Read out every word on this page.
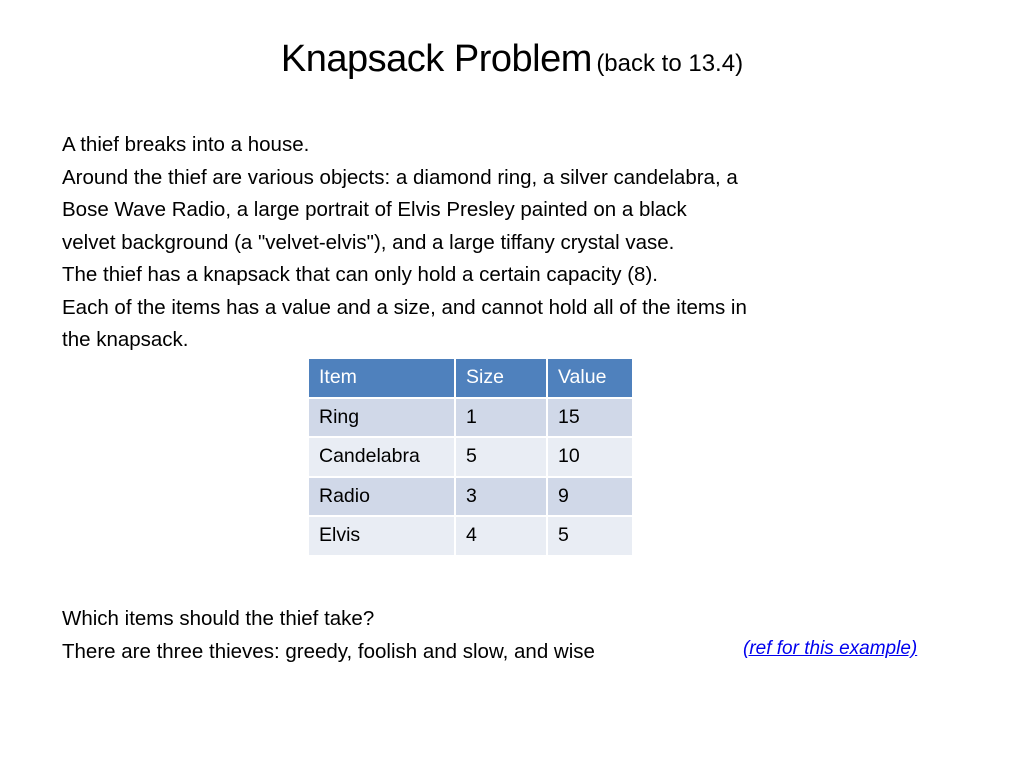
Knapsack Problem (back to 13.4)
A thief breaks into a house.
Around the thief are various objects: a diamond ring, a silver candelabra, a
Bose Wave Radio, a large portrait of Elvis Presley painted on a black
velvet background (a "velvet-elvis"), and a large tiffany crystal vase.
The thief has a knapsack that can only hold a certain capacity (8).
Each of the items has a value and a size, and cannot hold all of the items in
the knapsack.
Item	Size	Value
Ring	1	15
Candelabra	5	10
Radio	3	9
Elvis	4	5
Which items should the thief take?
There are three thieves: greedy, foolish and slow, and wise	(ref for this example)
